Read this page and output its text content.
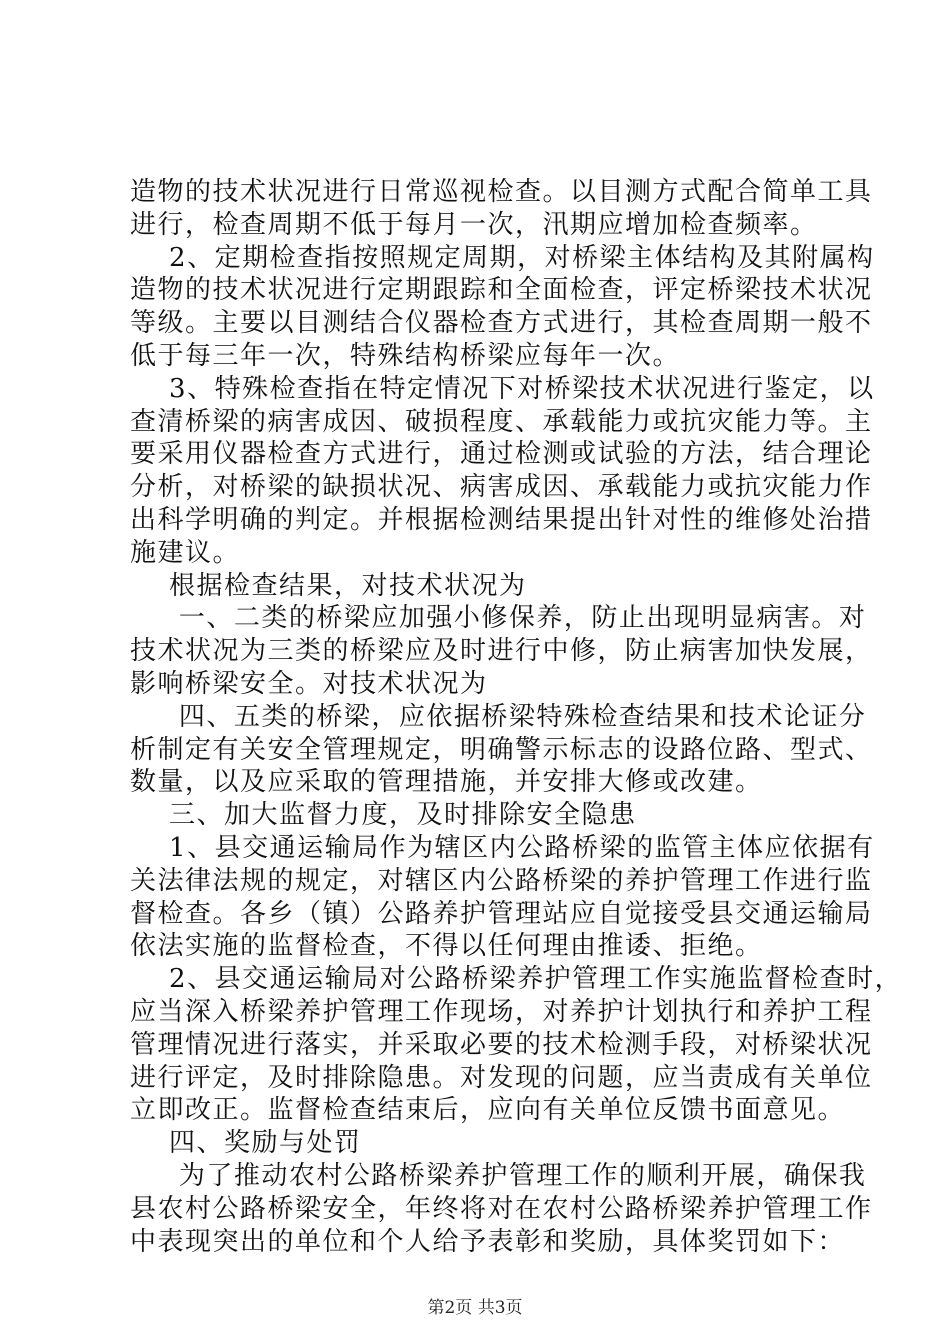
造物的技术状况进行日常巡视检查。以目测方式配合简单工具
进行，检查周期不低于每月一次，汛期应增加检查频率。
2、定期检查指按照规定周期，对桥梁主体结构及其附属构
造物的技术状况进行定期跟踪和全面检查，评定桥梁技术状况
等级。主要以目测结合仪器检查方式进行，其检查周期一般不
低于每三年一次，特殊结构桥梁应每年一次。
3、特殊检查指在特定情况下对桥梁技术状况进行鉴定，以
查清桥梁的病害成因、破损程度、承载能力或抗灾能力等。主
要采用仪器检查方式进行，通过检测或试验的方法，结合理论
分析，对桥梁的缺损状况、病害成因、承载能力或抗灾能力作
出科学明确的判定。并根据检测结果提出针对性的维修处治措
施建议。
根据检查结果，对技术状况为
一、二类的桥梁应加强小修保养，防止出现明显病害。对
技术状况为三类的桥梁应及时进行中修，防止病害加快发展，
影响桥梁安全。对技术状况为
四、五类的桥梁，应依据桥梁特殊检查结果和技术论证分
析制定有关安全管理规定，明确警示标志的设路位路、型式、
数量，以及应采取的管理措施，并安排大修或改建。
三、加大监督力度，及时排除安全隐患
1、县交通运输局作为辖区内公路桥梁的监管主体应依据有
关法律法规的规定，对辖区内公路桥梁的养护管理工作进行监
督检查。各乡（镇）公路养护管理站应自觉接受县交通运输局
依法实施的监督检查，不得以任何理由推诿、拒绝。
2、县交通运输局对公路桥梁养护管理工作实施监督检查时，
应当深入桥梁养护管理工作现场，对养护计划执行和养护工程
管理情况进行落实，并采取必要的技术检测手段，对桥梁状况
进行评定，及时排除隐患。对发现的问题，应当责成有关单位
立即改正。监督检查结束后，应向有关单位反馈书面意见。
四、奖励与处罚
为了推动农村公路桥梁养护管理工作的顺利开展，确保我
县农村公路桥梁安全，年终将对在农村公路桥梁养护管理工作
中表现突出的单位和个人给予表彰和奖励，具体奖罚如下：
第2页 共3页
